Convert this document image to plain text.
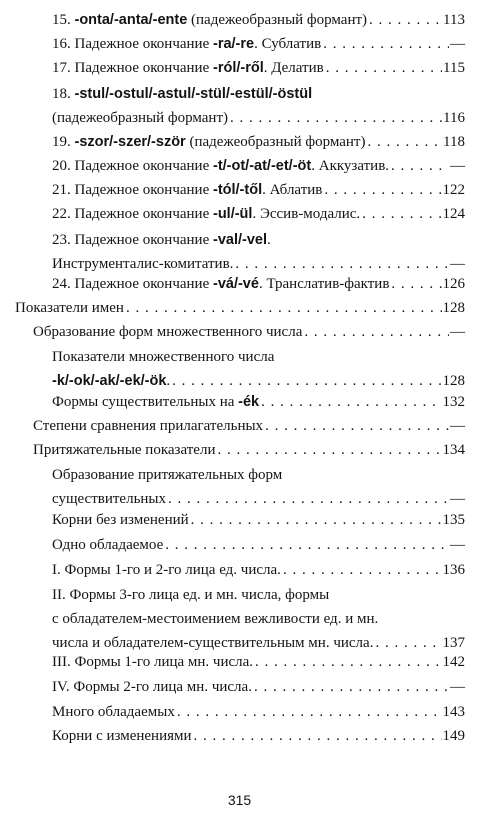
15. -onta/-anta/-ente (падежеобразный формант) . . .	113
16. Падежное окончание -ra/-re. Сублатив . . .	—
17. Падежное окончание -ról/-ről. Делатив . . .	115
18. -stul/-ostul/-astul/-stül/-estül/-östül
(падежеобразный формант) . . .	116
19. -szor/-szer/-ször (падежеобразный формант) . . .	118
20. Падежное окончание -t/-ot/-at/-et/-öt. Аккузатив. . . .	—
21. Падежное окончание -tól/-től. Аблатив . . .	122
22. Падежное окончание -ul/-ül. Эссив-модалис. . . .	124
23. Падежное окончание -val/-vel.
Инструменталис-комитатив. . . .	—
24. Падежное окончание -vá/-vé. Транслатив-фактив . . .	126
Показатели имен . . .	128
Образование форм множественного числа . . .	—
Показатели множественного числа
-k/-ok/-ak/-ek/-ök. . . .	128
Формы существительных на -ék . . .	132
Степени сравнения прилагательных . . .	—
Притяжательные показатели . . .	134
Образование притяжательных форм
существительных . . .	—
Корни без изменений . . .	135
Одно обладаемое . . .	—
I. Формы 1-го и 2-го лица ед. числа. . . .	136
II. Формы 3-го лица ед. и мн. числа, формы
с обладателем-местоимением вежливости ед. и мн.
числа и обладателем-существительным мн. числа. . . .	137
III. Формы 1-го лица мн. числа. . . .	142
IV. Формы 2-го лица мн. числа. . . .	—
Много обладаемых . . .	143
Корни с изменениями . . .	149
315
